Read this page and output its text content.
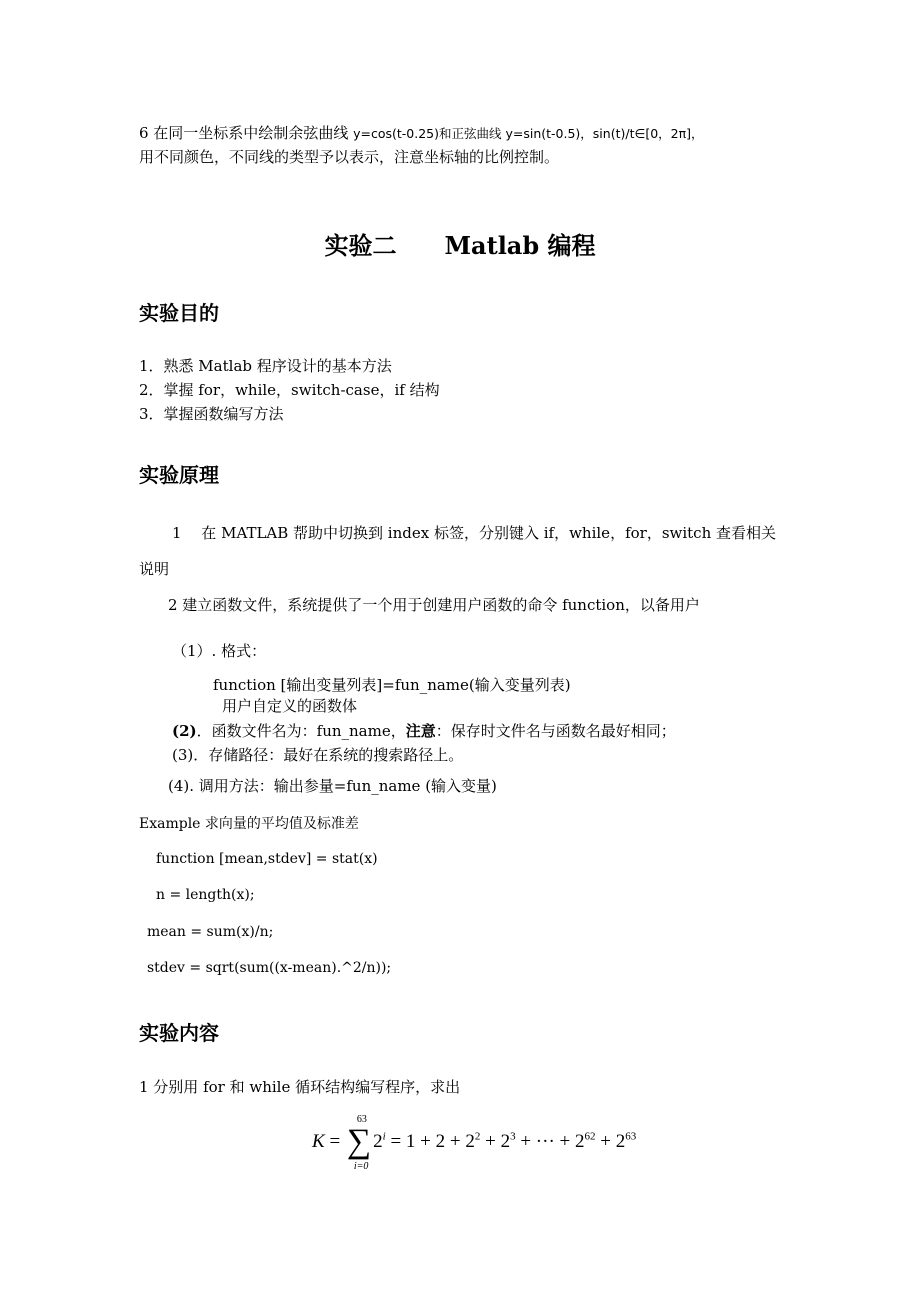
6 在同一坐标系中绘制余弦曲线 y=cos(t-0.25)和正弦曲线 y=sin(t-0.5)，sin(t)/t∈[0，2π]，
用不同颜色，不同线的类型予以表示，注意坐标轴的比例控制。
实验二 Matlab 编程
实验目的
1．熟悉 Matlab 程序设计的基本方法
2．掌握 for，while，switch-case，if 结构
3．掌握函数编写方法
实验原理
1　 在 MATLAB 帮助中切换到 index 标签，分别键入 if，while，for，switch 查看相关
说明
2 建立函数文件，系统提供了一个用于创建用户函数的命令 function，以备用户
（1）. 格式：
function [输出变量列表]=fun_name(输入变量列表)
用户自定义的函数体
(2)．函数文件名为：fun_name，注意：保存时文件名与函数名最好相同；
(3)．存储路径：最好在系统的搜索路径上。
(4). 调用方法：输出参量=fun_name (输入变量)
Example 求向量的平均值及标准差
function [mean,stdev] = stat(x)
n = length(x);
mean = sum(x)/n;
stdev = sqrt(sum((x-mean).^2/n));
实验内容
1 分别用 for 和 while 循环结构编写程序，求出
K = ∑
63
i=0
$2^i = 1 + 2 + 2^2 + 2^3$ + ··· + $2^{62} + 2^{63}$
